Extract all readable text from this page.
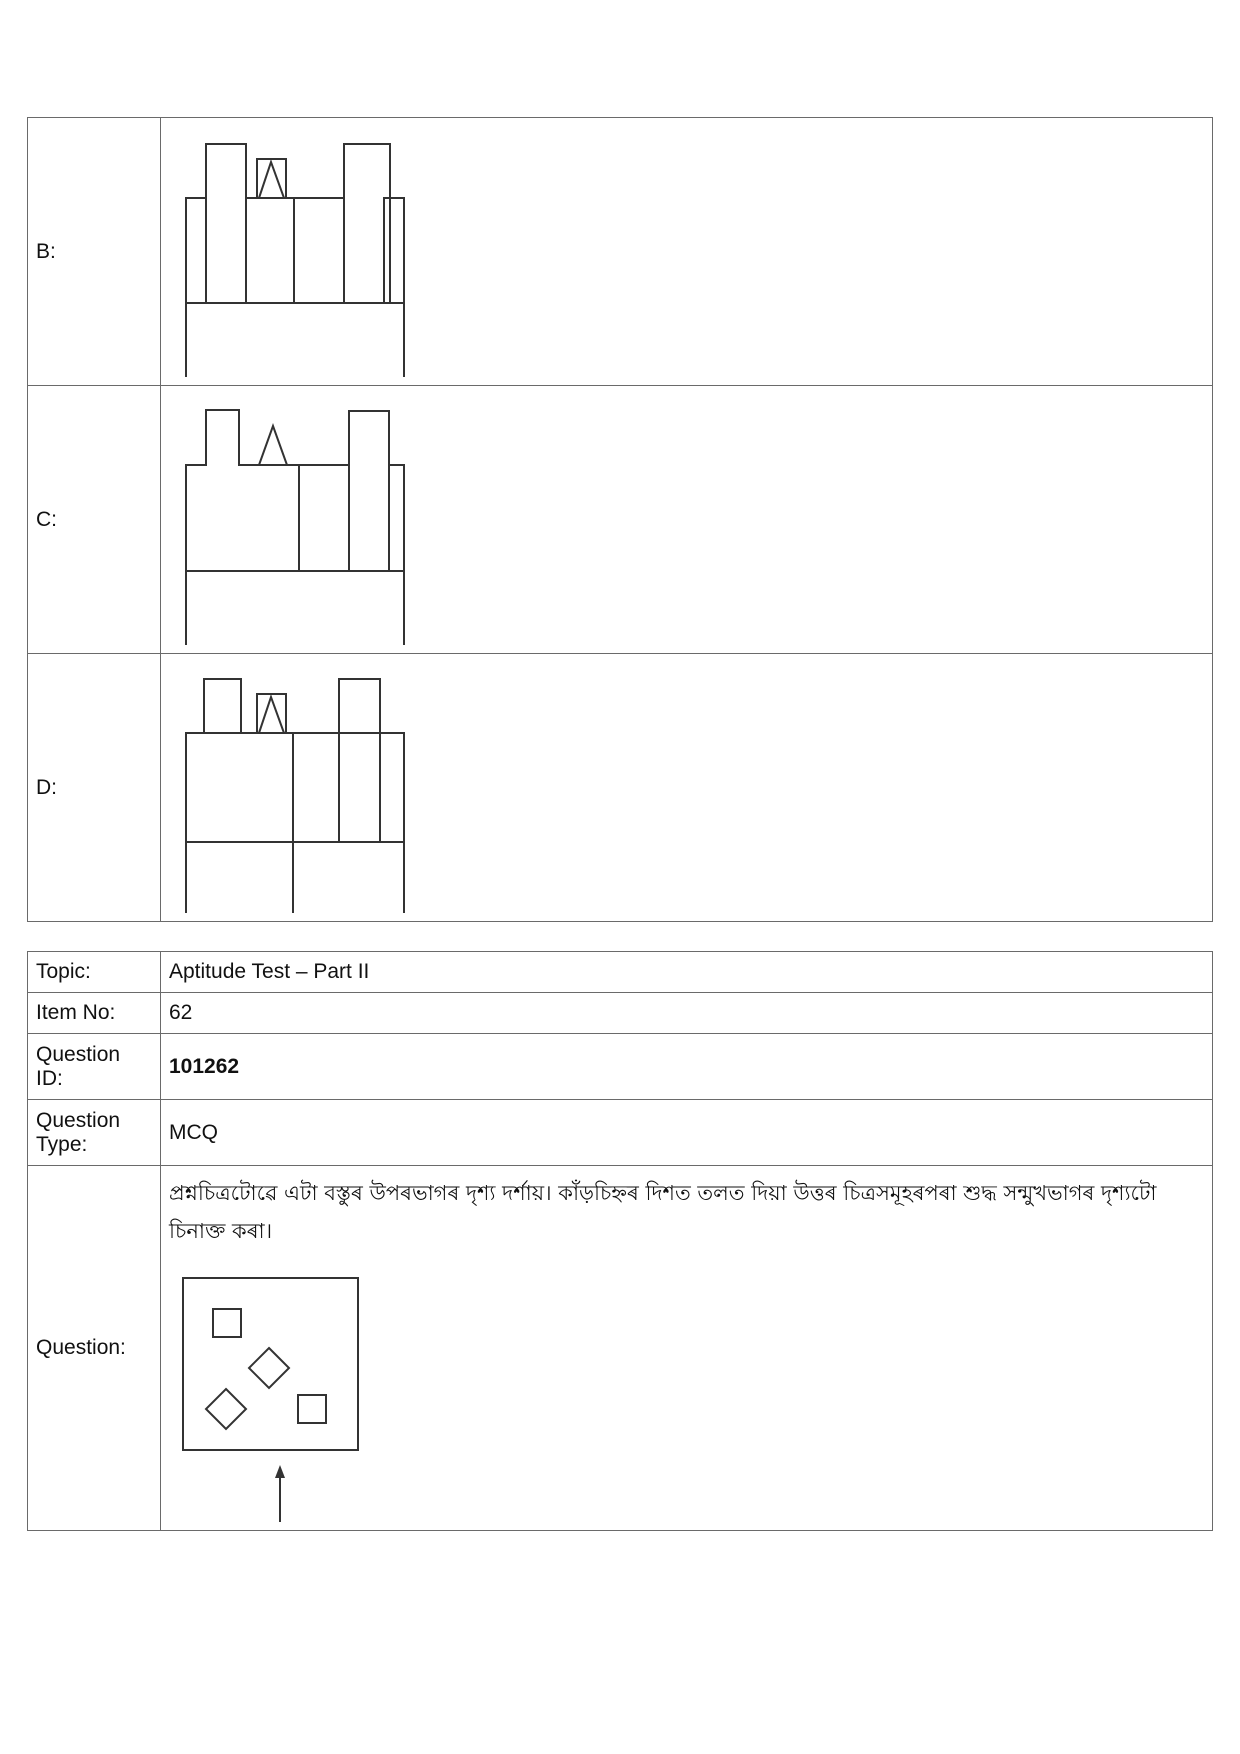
B:	

C:	

D:	
Topic:	Aptitude Test – Part II
Item No:	62
Question ID:	101262
Question Type:	MCQ
Question:	প্ৰশ্নচিত্ৰটোৱে এটা বস্তুৰ উপৰভাগৰ দৃশ্য দৰ্শায়। কাঁড়চিহ্নৰ দিশত তলত দিয়া উত্তৰ চিত্ৰসমূহৰপৰা শুদ্ধ সন্মুখভাগৰ দৃশ্যটো চিনাক্ত কৰা।
